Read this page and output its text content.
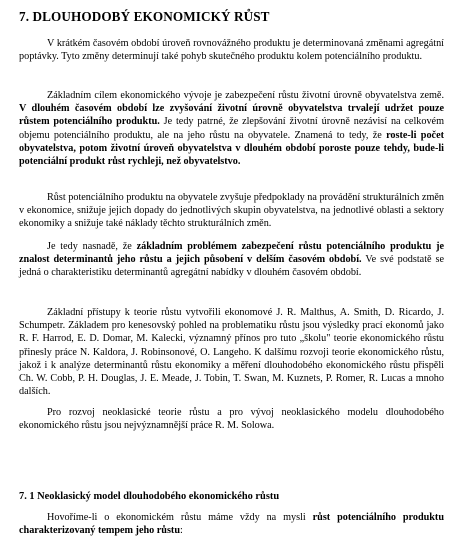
7. DLOUHODOBÝ EKONOMICKÝ RŮST

V krátkém časovém období úroveň rovnovážného produktu je determinovaná změnami agregátní poptávky. Tyto změny determinují také pohyb skutečného produktu kolem potenciálního produktu.

Základním cílem ekonomického vývoje je zabezpečení růstu životní úrovně obyvatelstva země. V dlouhém časovém období lze zvyšování životní úrovně obyvatelstva trvalejí udržet pouze růstem potenciálního produktu. Je tedy patrné, že zlepšování životní úrovně nezávisí na celkovém objemu potenciálního produktu, ale na jeho růstu na obyvatele. Znamená to tedy, že roste-li počet obyvatelstva, potom životní úroveň obyvatelstva v dlouhém období poroste pouze tehdy, bude-li potenciální produkt růst rychleji, než obyvatelstvo.

Růst potenciálního produktu na obyvatele zvyšuje předpoklady na provádění strukturálních změn v ekonomice, snižuje jejich dopady do jednotlivých skupin obyvatelstva, na jednotlivé oblasti a sektory ekonomiky a snižuje také náklady těchto strukturálních změn.

Je tedy nasnadě, že základním problémem zabezpečení růstu potenciálního produktu je znalost determinantů jeho růstu a jejich působení v delším časovém období. Ve své podstatě se jedná o charakteristiku determinantů agregátní nabídky v dlouhém časovém období.

Základní přístupy k teorie růstu vytvořili ekonomové J. R. Malthus, A. Smith, D. Ricardo, J. Schumpetr. Základem pro kenesovský pohled na problematiku růstu jsou výsledky prací ekonomů jako R. F. Harrod, E. D. Domar, M. Kalecki, významný přínos pro tuto „školu" teorie ekonomického růstu přinesly práce N. Kaldora, J. Robinsonové, O. Langeho. K dalšímu rozvoji teorie ekonomického růstu, jakož i k analýze determinantů růstu ekonomiky a měření dlouhodobého ekonomického růstu přispěli Ch. W. Cobb, P. H. Douglas, J. E. Meade, J. Tobin, T. Swan, M. Kuznets, P. Romer, R. Lucas a mnoho dalších.

Pro rozvoj neoklasické teorie růstu a pro vývoj neoklasického modelu dlouhodobého ekonomického růstu jsou nejvýznamnější práce R. M. Solowa.

7. 1 Neoklasický model dlouhodobého ekonomického růstu

Hovoříme-li o ekonomickém růstu máme vždy na mysli růst potenciálního produktu charakterizovaný tempem jeho růstu:
